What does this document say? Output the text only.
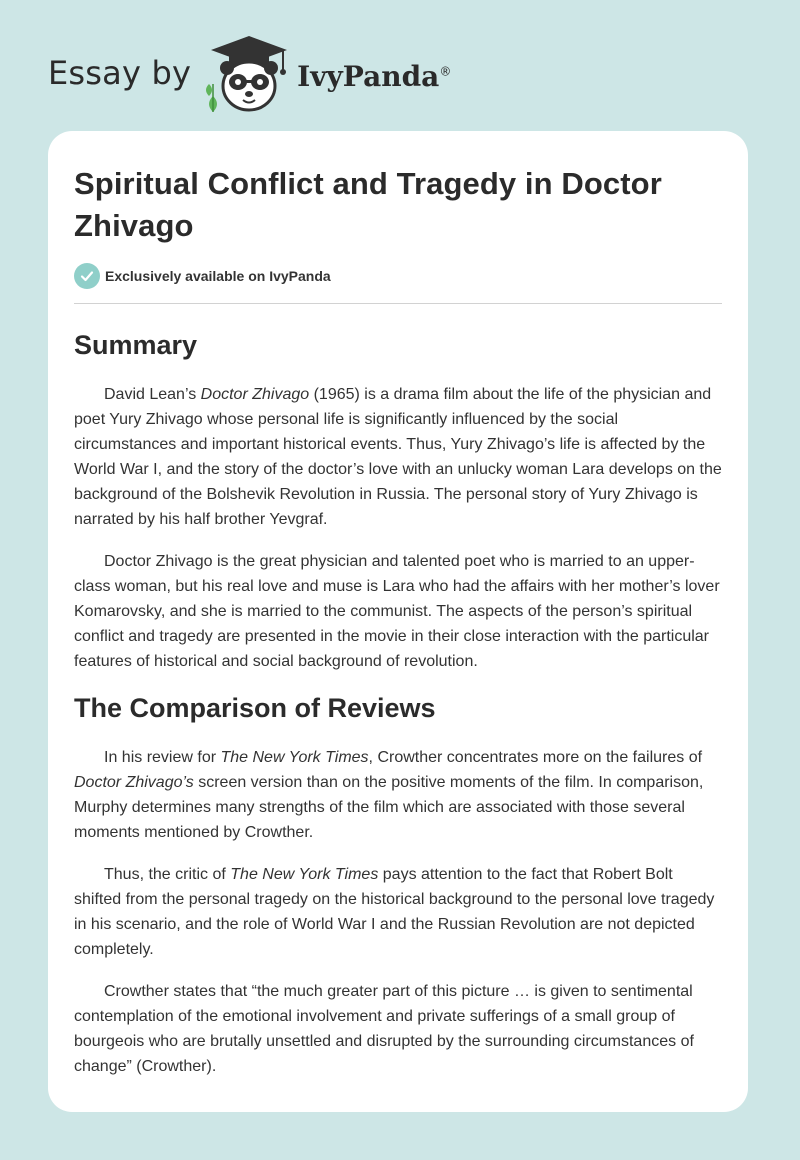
Essay by	IvyPanda®
Spiritual Conflict and Tragedy in Doctor Zhivago
Exclusively available on IvyPanda
Summary

David Lean’s Doctor Zhivago (1965) is a drama film about the life of the physician and poet Yury Zhivago whose personal life is significantly influenced by the social circumstances and important historical events. Thus, Yury Zhivago’s life is affected by the World War I, and the story of the doctor’s love with an unlucky woman Lara develops on the background of the Bolshevik Revolution in Russia. The personal story of Yury Zhivago is narrated by his half brother Yevgraf.

Doctor Zhivago is the great physician and talented poet who is married to an upper-class woman, but his real love and muse is Lara who had the affairs with her mother’s lover Komarovsky, and she is married to the communist. The aspects of the person’s spiritual conflict and tragedy are presented in the movie in their close interaction with the particular features of historical and social background of revolution.

The Comparison of Reviews

In his review for The New York Times, Crowther concentrates more on the failures of Doctor Zhivago’s screen version than on the positive moments of the film. In comparison, Murphy determines many strengths of the film which are associated with those several moments mentioned by Crowther.

Thus, the critic of The New York Times pays attention to the fact that Robert Bolt shifted from the personal tragedy on the historical background to the personal love tragedy in his scenario, and the role of World War I and the Russian Revolution are not depicted completely.

Crowther states that “the much greater part of this picture … is given to sentimental contemplation of the emotional involvement and private sufferings of a small group of bourgeois who are brutally unsettled and disrupted by the surrounding circumstances of change” (Crowther).
